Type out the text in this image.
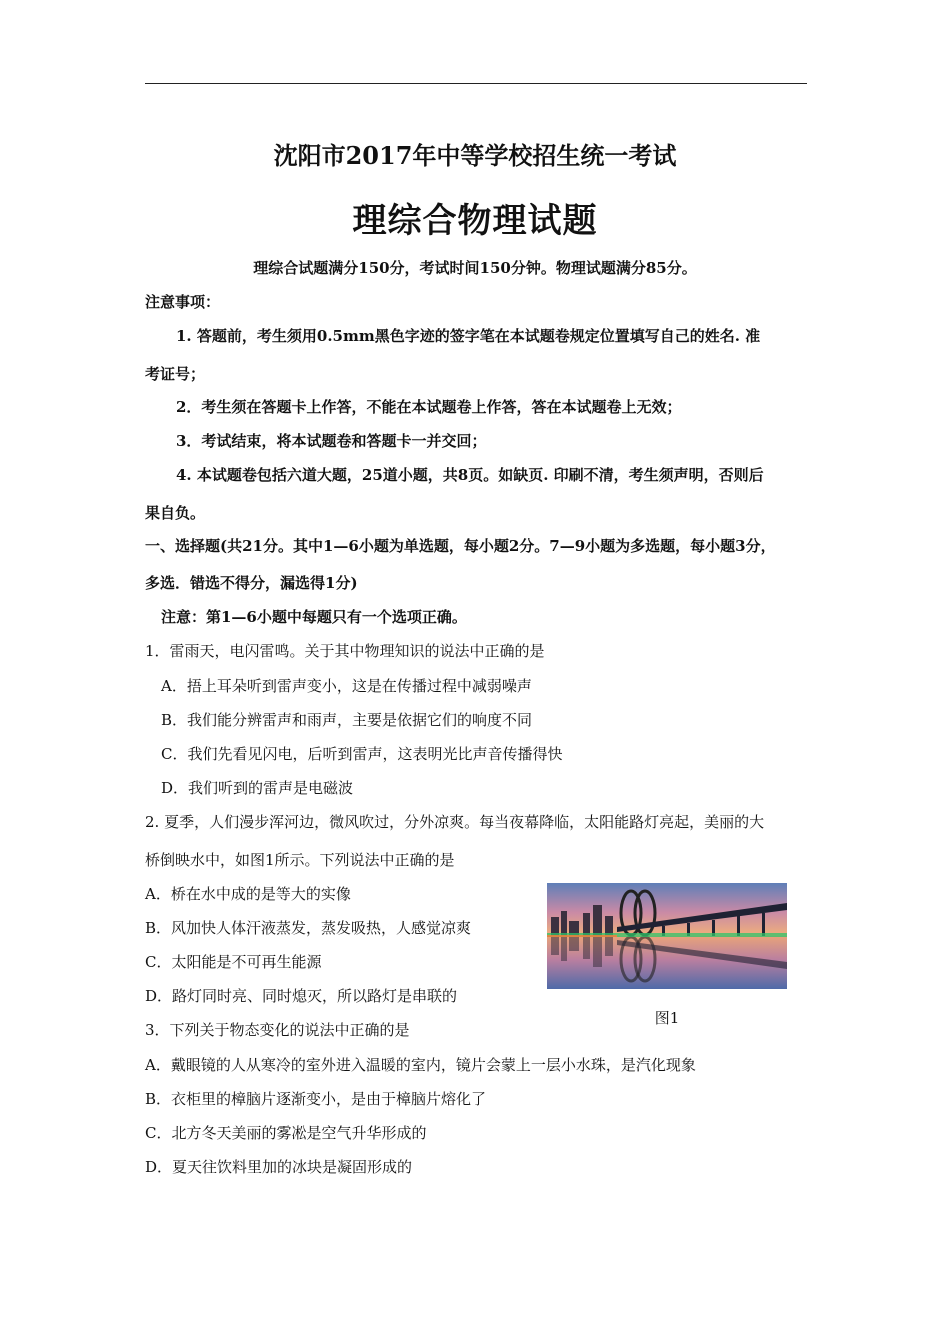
沈阳市2017年中等学校招生统一考试
理综合物理试题
理综合试题满分150分，考试时间150分钟。物理试题满分85分。
注意事项：
1. 答题前，考生须用0.5mm黑色字迹的签字笔在本试题卷规定位置填写自己的姓名. 准
考证号；
2．考生须在答题卡上作答，不能在本试题卷上作答，答在本试题卷上无效；
3．考试结束，将本试题卷和答题卡一并交回；
4. 本试题卷包括六道大题，25道小题，共8页。如缺页. 印刷不清，考生须声明，否则后
果自负。
一、选择题(共21分。其中1—6小题为单选题，每小题2分。7—9小题为多选题，每小题3分，
多选．错选不得分，漏选得1分)
注意：第1—6小题中每题只有一个选项正确。
1．雷雨天，电闪雷鸣。关于其中物理知识的说法中正确的是
A．捂上耳朵听到雷声变小，这是在传播过程中减弱噪声
B．我们能分辨雷声和雨声，主要是依据它们的响度不同
C．我们先看见闪电，后听到雷声，这表明光比声音传播得快
D．我们听到的雷声是电磁波
2. 夏季，人们漫步浑河边，微风吹过，分外凉爽。每当夜幕降临，太阳能路灯亮起，美丽的大
桥倒映水中，如图1所示。下列说法中正确的是
A．桥在水中成的是等大的实像
B．风加快人体汗液蒸发，蒸发吸热，人感觉凉爽
C．太阳能是不可再生能源
D．路灯同时亮、同时熄灭，所以路灯是串联的
图1
3．下列关于物态变化的说法中正确的是
A．戴眼镜的人从寒冷的室外进入温暖的室内，镜片会蒙上一层小水珠，是汽化现象
B．衣柜里的樟脑片逐渐变小，是由于樟脑片熔化了
C．北方冬天美丽的雾凇是空气升华形成的
D．夏天往饮料里加的冰块是凝固形成的
